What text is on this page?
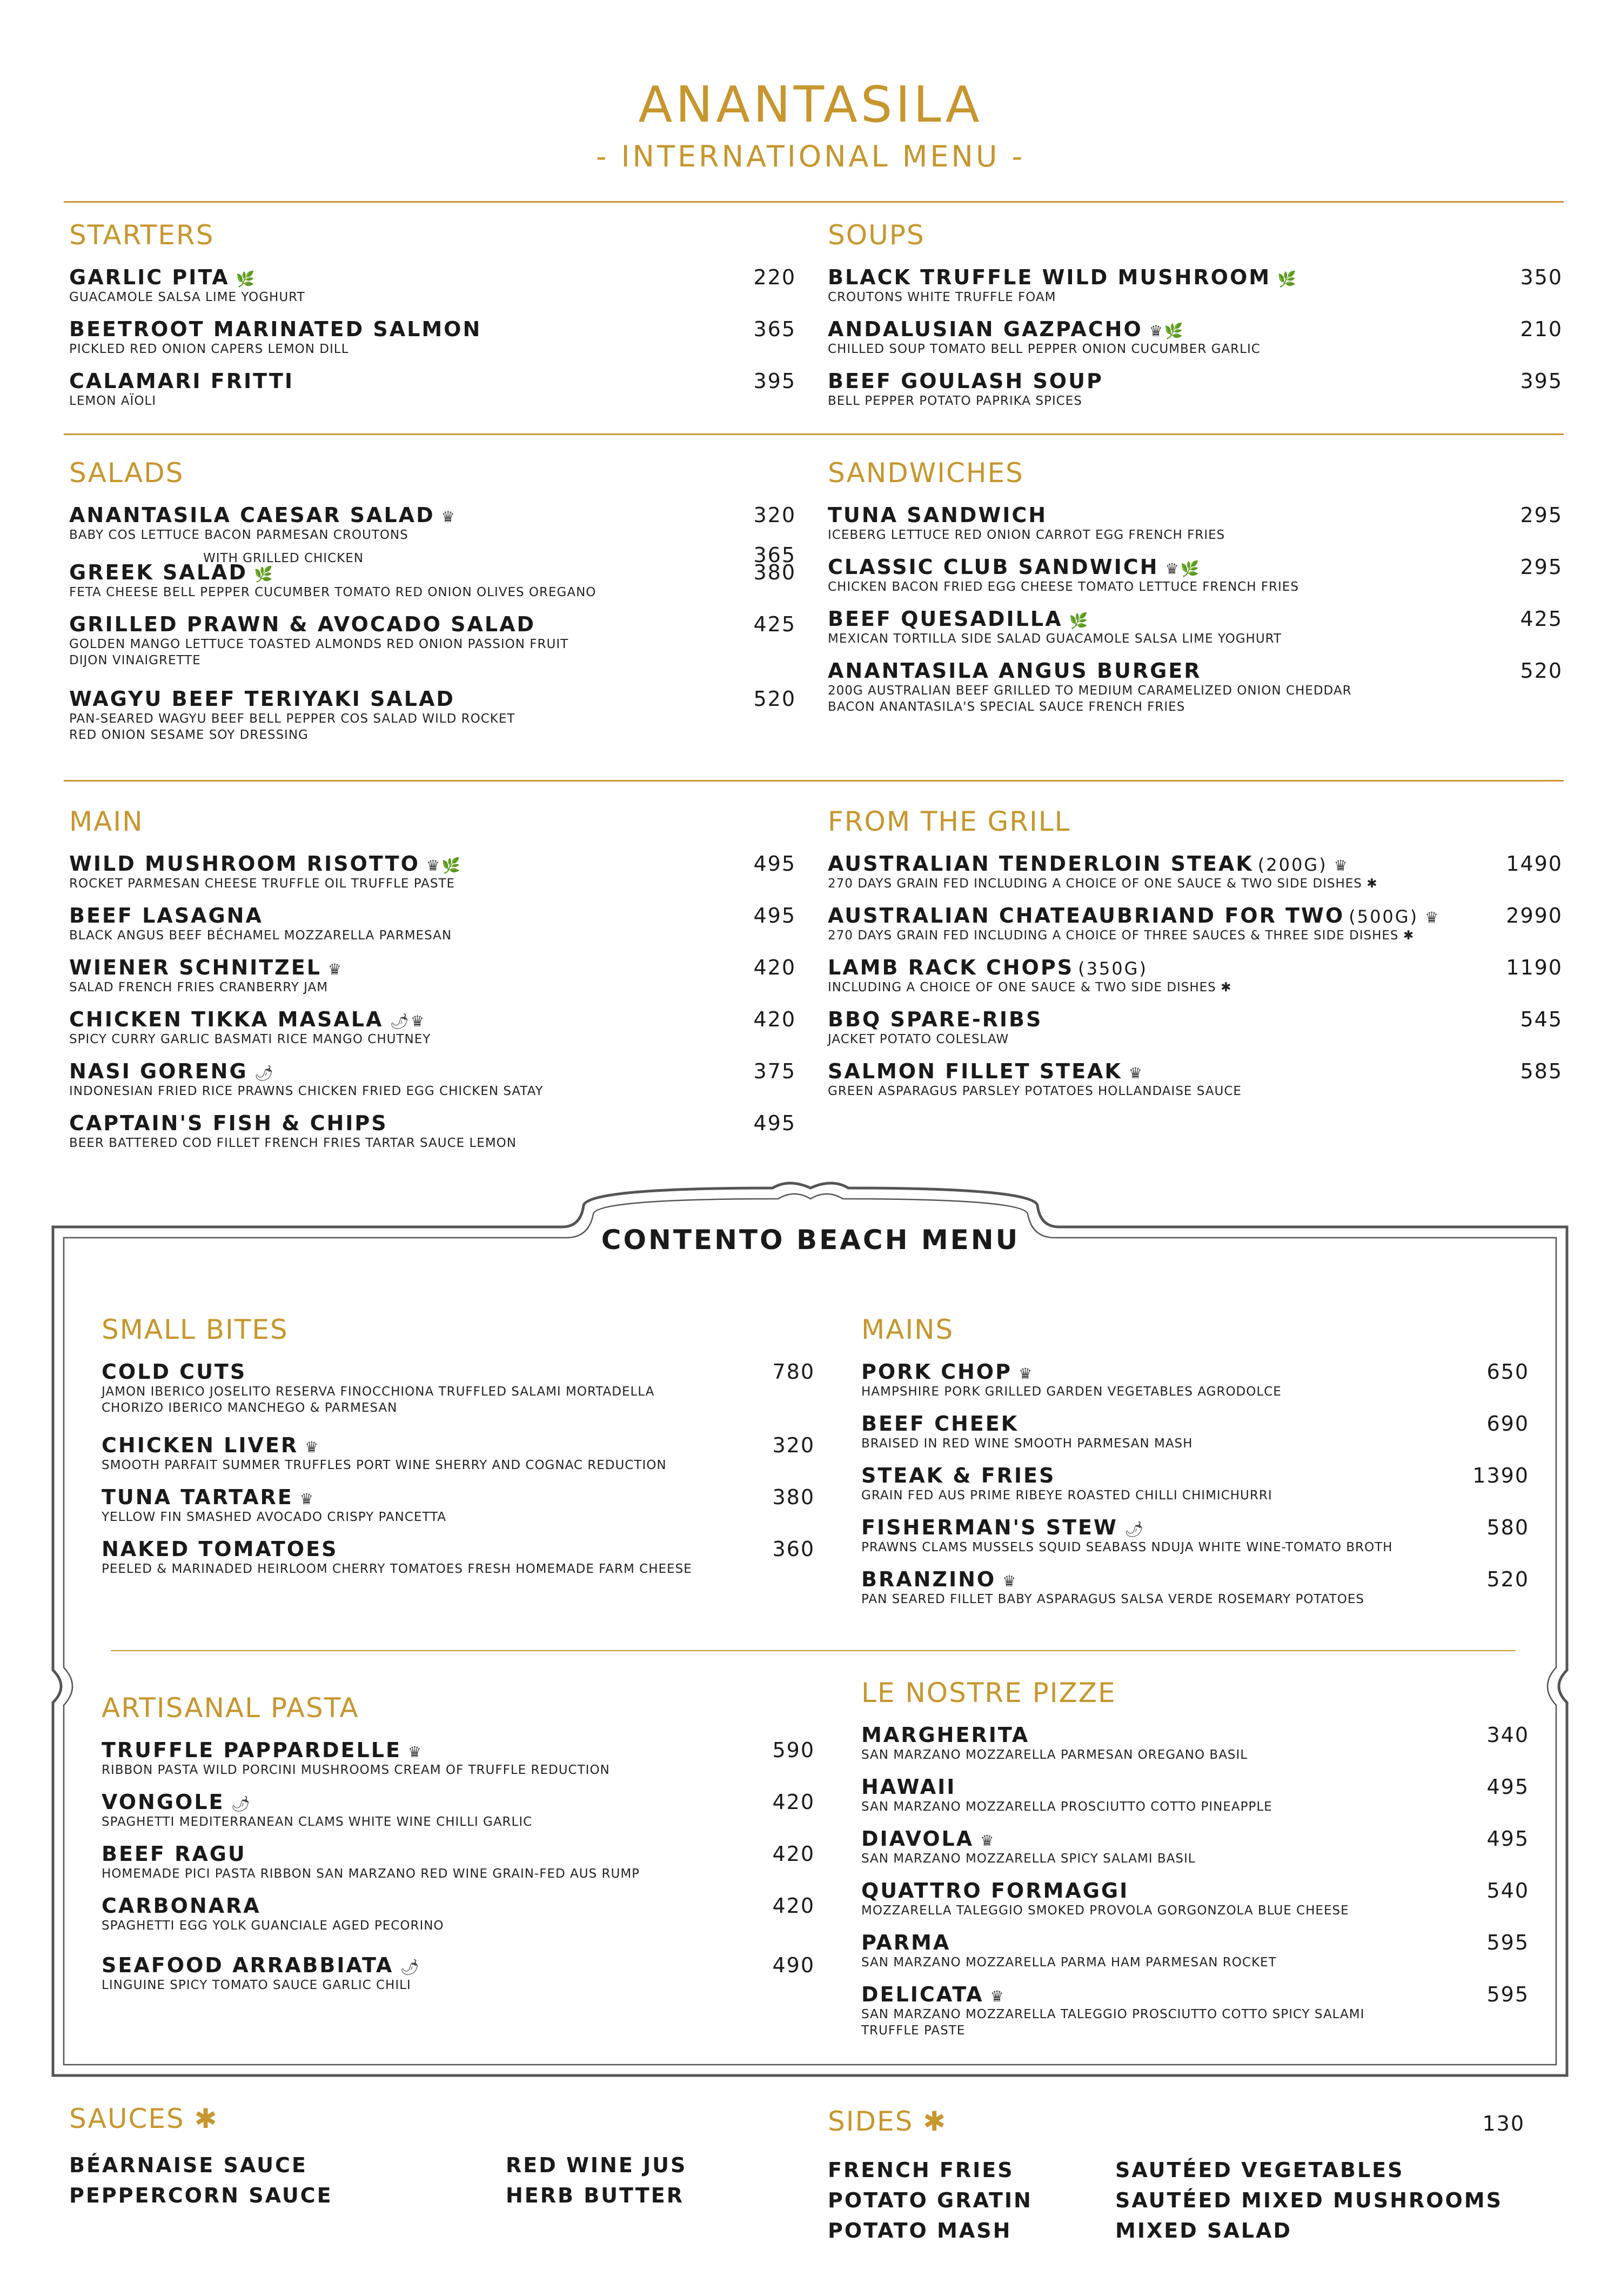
ANANTASILA
- INTERNATIONAL MENU -
STARTERS
GARLIC PITA 🌿	220
GUACAMOLE SALSA LIME YOGHURT
BEETROOT MARINATED SALMON	365
PICKLED RED ONION CAPERS LEMON DILL
CALAMARI FRITTI	395
LEMON AÏOLI
SOUPS
BLACK TRUFFLE WILD MUSHROOM 🌿	350
CROUTONS WHITE TRUFFLE FOAM
ANDALUSIAN GAZPACHO ♛🌿	210
CHILLED SOUP TOMATO BELL PEPPER ONION CUCUMBER GARLIC
BEEF GOULASH SOUP	395
BELL PEPPER POTATO PAPRIKA SPICES
SALADS
ANANTASILA CAESAR SALAD ♛	320
BABY COS LETTUCE BACON PARMESAN CROUTONS
WITH GRILLED CHICKEN	365
GREEK SALAD 🌿	380
FETA CHEESE BELL PEPPER CUCUMBER TOMATO RED ONION OLIVES OREGANO
GRILLED PRAWN & AVOCADO SALAD	425
GOLDEN MANGO LETTUCE TOASTED ALMONDS RED ONION PASSION FRUIT
DIJON VINAIGRETTE
WAGYU BEEF TERIYAKI SALAD	520
PAN-SEARED WAGYU BEEF BELL PEPPER COS SALAD WILD ROCKET
RED ONION SESAME SOY DRESSING
SANDWICHES
TUNA SANDWICH	295
ICEBERG LETTUCE RED ONION CARROT EGG FRENCH FRIES
CLASSIC CLUB SANDWICH ♛🌿	295
CHICKEN BACON FRIED EGG CHEESE TOMATO LETTUCE FRENCH FRIES
BEEF QUESADILLA 🌿	425
MEXICAN TORTILLA SIDE SALAD GUACAMOLE SALSA LIME YOGHURT
ANANTASILA ANGUS BURGER	520
200G AUSTRALIAN BEEF GRILLED TO MEDIUM CARAMELIZED ONION CHEDDAR
BACON ANANTASILA'S SPECIAL SAUCE FRENCH FRIES
MAIN
WILD MUSHROOM RISOTTO ♛🌿	495
ROCKET PARMESAN CHEESE TRUFFLE OIL TRUFFLE PASTE
BEEF LASAGNA	495
BLACK ANGUS BEEF BÉCHAMEL MOZZARELLA PARMESAN
WIENER SCHNITZEL ♛	420
SALAD FRENCH FRIES CRANBERRY JAM
CHICKEN TIKKA MASALA 🌶♛	420
SPICY CURRY GARLIC BASMATI RICE MANGO CHUTNEY
NASI GORENG 🌶	375
INDONESIAN FRIED RICE PRAWNS CHICKEN FRIED EGG CHICKEN SATAY
CAPTAIN'S FISH & CHIPS	495
BEER BATTERED COD FILLET FRENCH FRIES TARTAR SAUCE LEMON
FROM THE GRILL
AUSTRALIAN TENDERLOIN STEAK (200G) ♛	1490
270 DAYS GRAIN FED INCLUDING A CHOICE OF ONE SAUCE & TWO SIDE DISHES ✱
AUSTRALIAN CHATEAUBRIAND FOR TWO (500G) ♛	2990
270 DAYS GRAIN FED INCLUDING A CHOICE OF THREE SAUCES & THREE SIDE DISHES ✱
LAMB RACK CHOPS (350G)	1190
INCLUDING A CHOICE OF ONE SAUCE & TWO SIDE DISHES ✱
BBQ SPARE-RIBS	545
JACKET POTATO COLESLAW
SALMON FILLET STEAK ♛	585
GREEN ASPARAGUS PARSLEY POTATOES HOLLANDAISE SAUCE
CONTENTO BEACH MENU
SMALL BITES
COLD CUTS	780
JAMON IBERICO JOSELITO RESERVA FINOCCHIONA TRUFFLED SALAMI MORTADELLA
CHORIZO IBERICO MANCHEGO & PARMESAN
CHICKEN LIVER ♛	320
SMOOTH PARFAIT SUMMER TRUFFLES PORT WINE SHERRY AND COGNAC REDUCTION
TUNA TARTARE ♛	380
YELLOW FIN SMASHED AVOCADO CRISPY PANCETTA
NAKED TOMATOES	360
PEELED & MARINADED HEIRLOOM CHERRY TOMATOES FRESH HOMEMADE FARM CHEESE
MAINS
PORK CHOP ♛	650
HAMPSHIRE PORK GRILLED GARDEN VEGETABLES AGRODOLCE
BEEF CHEEK	690
BRAISED IN RED WINE SMOOTH PARMESAN MASH
STEAK & FRIES	1390
GRAIN FED AUS PRIME RIBEYE ROASTED CHILLI CHIMICHURRI
FISHERMAN'S STEW 🌶	580
PRAWNS CLAMS MUSSELS SQUID SEABASS NDUJA WHITE WINE-TOMATO BROTH
BRANZINO ♛	520
PAN SEARED FILLET BABY ASPARAGUS SALSA VERDE ROSEMARY POTATOES
ARTISANAL PASTA
TRUFFLE PAPPARDELLE ♛	590
RIBBON PASTA WILD PORCINI MUSHROOMS CREAM OF TRUFFLE REDUCTION
VONGOLE 🌶	420
SPAGHETTI MEDITERRANEAN CLAMS WHITE WINE CHILLI GARLIC
BEEF RAGU	420
HOMEMADE PICI PASTA RIBBON SAN MARZANO RED WINE GRAIN-FED AUS RUMP
CARBONARA	420
SPAGHETTI EGG YOLK GUANCIALE AGED PECORINO
SEAFOOD ARRABBIATA 🌶	490
LINGUINE SPICY TOMATO SAUCE GARLIC CHILI
LE NOSTRE PIZZE
MARGHERITA	340
SAN MARZANO MOZZARELLA PARMESAN OREGANO BASIL
HAWAII	495
SAN MARZANO MOZZARELLA PROSCIUTTO COTTO PINEAPPLE
DIAVOLA ♛	495
SAN MARZANO MOZZARELLA SPICY SALAMI BASIL
QUATTRO FORMAGGI	540
MOZZARELLA TALEGGIO SMOKED PROVOLA GORGONZOLA BLUE CHEESE
PARMA	595
SAN MARZANO MOZZARELLA PARMA HAM PARMESAN ROCKET
DELICATA ♛	595
SAN MARZANO MOZZARELLA TALEGGIO PROSCIUTTO COTTO SPICY SALAMI
TRUFFLE PASTE
SAUCES ✱
BÉARNAISE SAUCE
PEPPERCORN SAUCE
RED WINE JUS
HERB BUTTER
SIDES ✱	130
FRENCH FRIES
POTATO GRATIN
POTATO MASH
SAUTÉED VEGETABLES
SAUTÉED MIXED MUSHROOMS
MIXED SALAD
